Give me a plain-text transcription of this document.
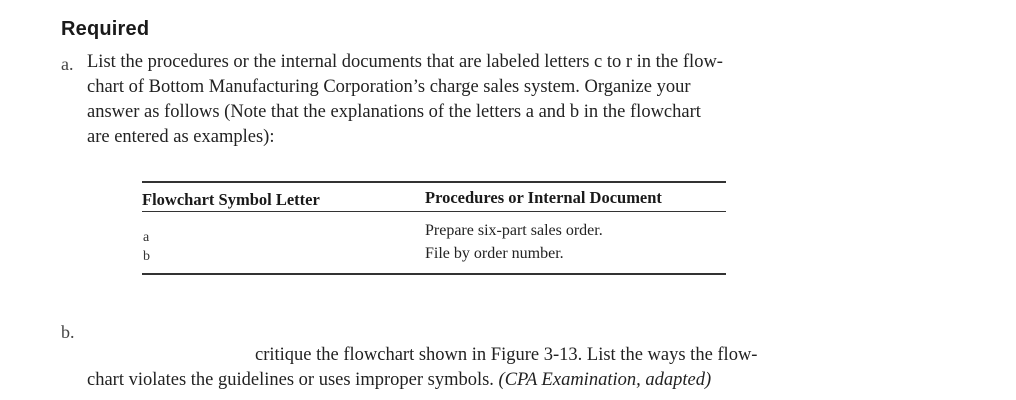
Required
a. List the procedures or the internal documents that are labeled letters c to r in the flow-
chart of Bottom Manufacturing Corporation’s charge sales system. Organize your
answer as follows (Note that the explanations of the letters a and b in the flowchart
are entered as examples):
Flowchart Symbol Letter	Procedures or Internal Document
a	Prepare six-part sales order.
b	File by order number.
b.
critique the flowchart shown in Figure 3-13. List the ways the flow-
chart violates the guidelines or uses improper symbols. (CPA Examination, adapted)
